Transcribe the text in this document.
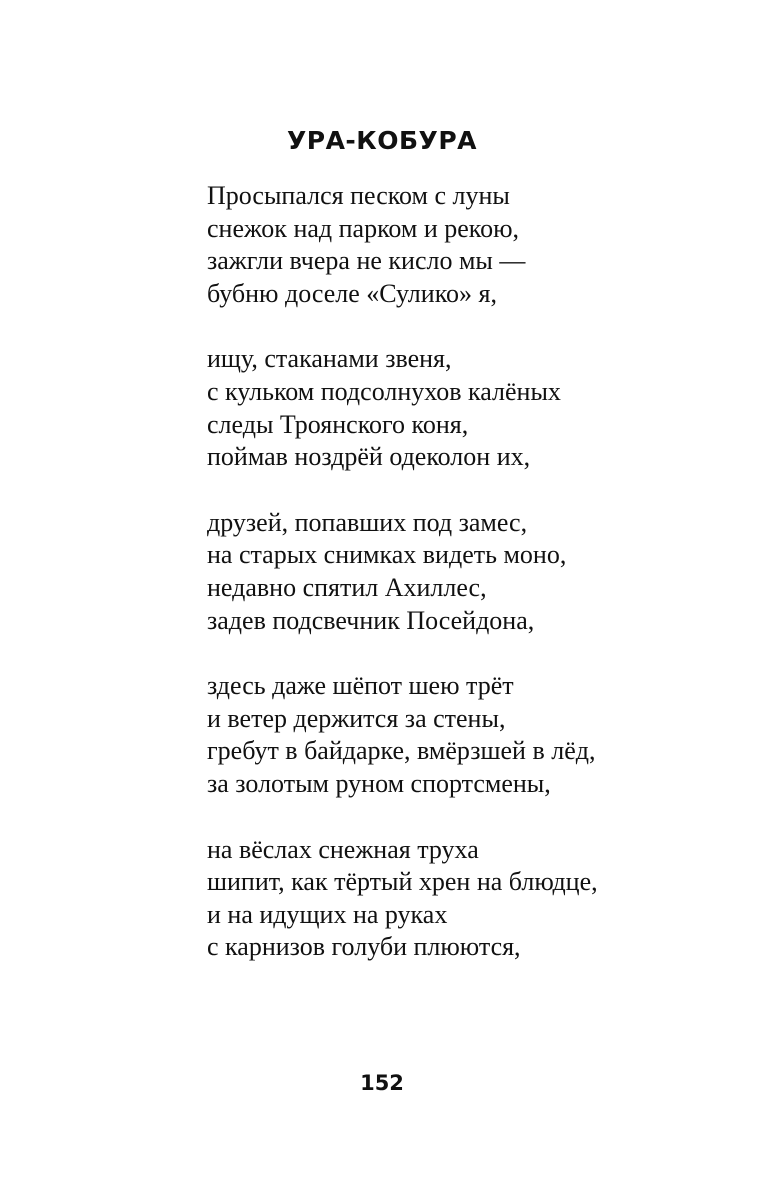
УРА-КОБУРА
Просыпался песком с луны
снежок над парком и рекою,
зажгли вчера не кисло мы —
бубню доселе «Сулико» я,
ищу, стаканами звеня,
с кульком подсолнухов калёных
следы Троянского коня,
поймав ноздрёй одеколон их,
друзей, попавших под замес,
на старых снимках видеть моно,
недавно спятил Ахиллес,
задев подсвечник Посейдона,
здесь даже шёпот шею трёт
и ветер держится за стены,
гребут в байдарке, вмёрзшей в лёд,
за золотым руном спортсмены,
на вёслах снежная труха
шипит, как тёртый хрен на блюдце,
и на идущих на руках
с карнизов голуби плюются,
152
